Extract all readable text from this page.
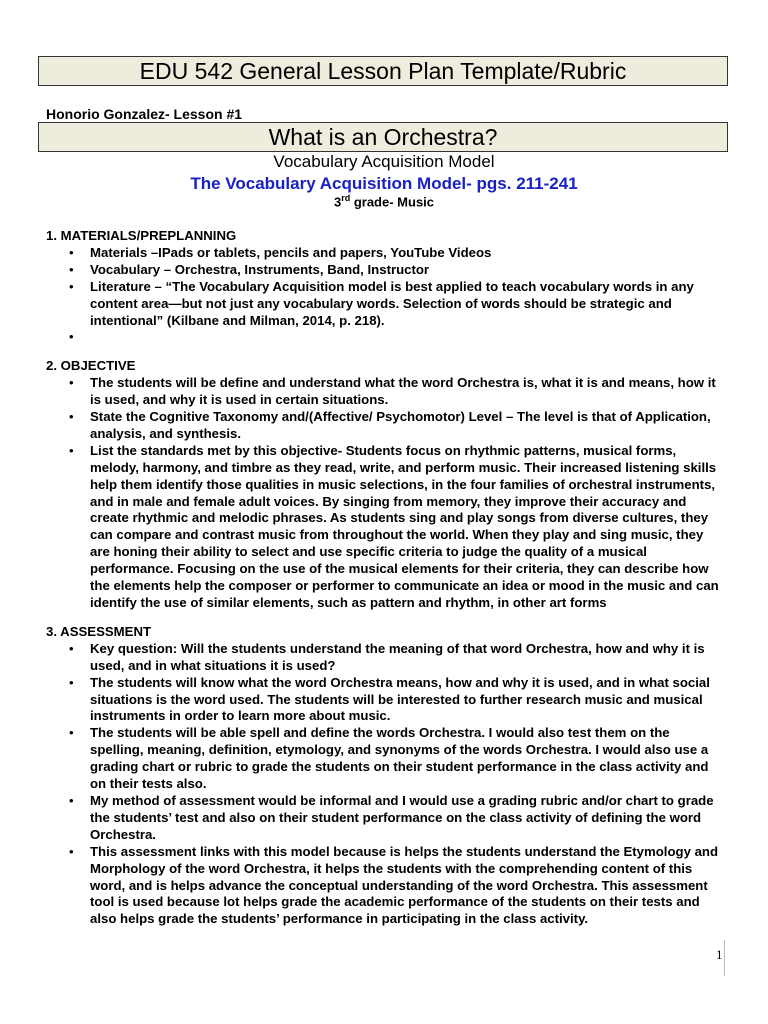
EDU 542 General Lesson Plan Template/Rubric
Honorio Gonzalez- Lesson #1
What is an Orchestra?
Vocabulary Acquisition Model
The Vocabulary Acquisition Model- pgs. 211-241
3rd grade- Music

1. MATERIALS/PREPLANNING

• Materials –IPads or tablets, pencils and papers, YouTube Videos
• Vocabulary – Orchestra, Instruments, Band, Instructor
• Literature – “The Vocabulary Acquisition model is best applied to teach vocabulary words in any content area—but not just any vocabulary words. Selection of words should be strategic and intentional” (Kilbane and Milman, 2014, p. 218).
•

2. OBJECTIVE

• The students will be define and understand what the word Orchestra is, what it is and means, how it is used, and why it is used in certain situations.
• State the Cognitive Taxonomy and/(Affective/ Psychomotor) Level – The level is that of Application, analysis, and synthesis.
• List the standards met by this objective- Students focus on rhythmic patterns, musical forms, melody, harmony, and timbre as they read, write, and perform music. Their increased listening skills help them identify those qualities in music selections, in the four families of orchestral instruments, and in male and female adult voices. By singing from memory, they improve their accuracy and create rhythmic and melodic phrases. As students sing and play songs from diverse cultures, they can compare and contrast music from throughout the world. When they play and sing music, they are honing their ability to select and use specific criteria to judge the quality of a musical performance. Focusing on the use of the musical elements for their criteria, they can describe how the elements help the composer or performer to communicate an idea or mood in the music and can identify the use of similar elements, such as pattern and rhythm, in other art forms

3. ASSESSMENT

• Key question: Will the students understand the meaning of that word Orchestra, how and why it is used, and in what situations it is used?
• The students will know what the word Orchestra means, how and why it is used, and in what social situations is the word used. The students will be interested to further research music and musical instruments in order to learn more about music.
• The students will be able spell and define the words Orchestra. I would also test them on the spelling, meaning, definition, etymology, and synonyms of the words Orchestra. I would also use a grading chart or rubric to grade the students on their student performance in the class activity and on their tests also.
• My method of assessment would be informal and I would use a grading rubric and/or chart to grade the students’ test and also on their student performance on the class activity of defining the word Orchestra.
• This assessment links with this model because is helps the students understand the Etymology and Morphology of the word Orchestra, it helps the students with the comprehending content of this word, and is helps advance the conceptual understanding of the word Orchestra. This assessment tool is used because lot helps grade the academic performance of the students on their tests and also helps grade the students’ performance in participating in the class activity.
1
